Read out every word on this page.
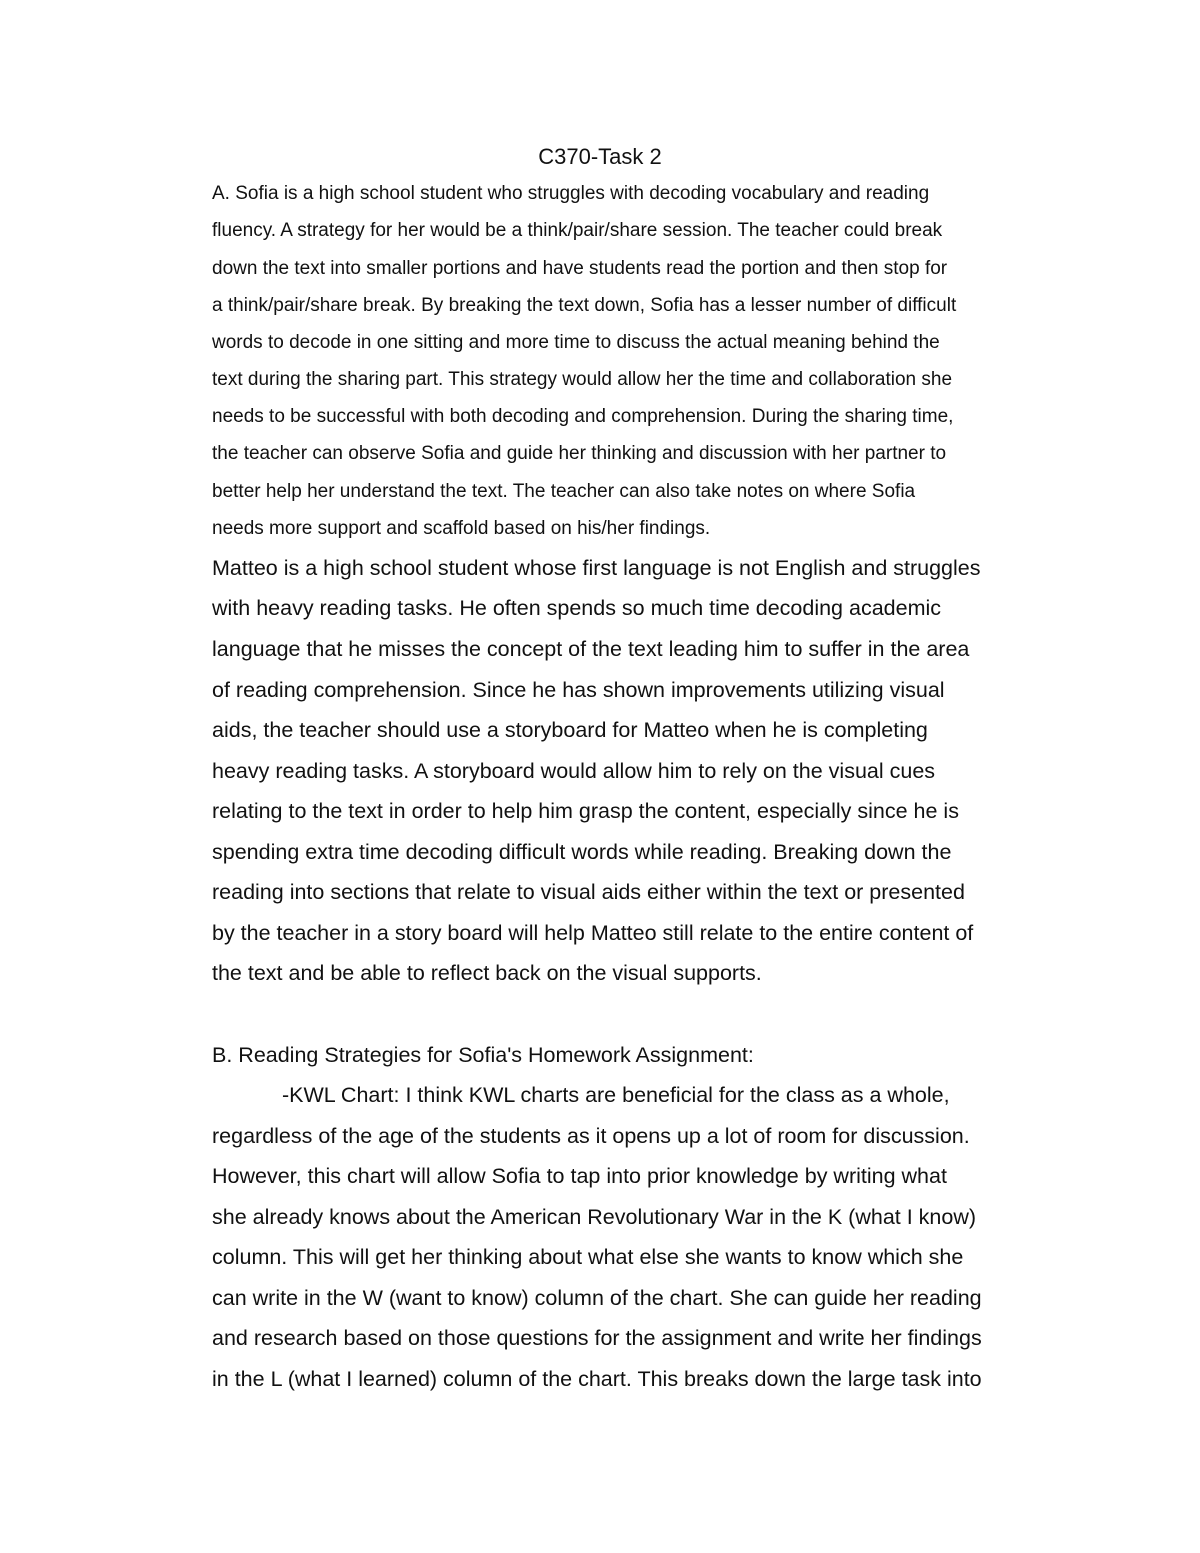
C370-Task 2
A. Sofia is a high school student who struggles with decoding vocabulary and reading
fluency. A strategy for her would be a think/pair/share session. The teacher could break
down the text into smaller portions and have students read the portion and then stop for
a think/pair/share break. By breaking the text down, Sofia has a lesser number of difficult
words to decode in one sitting and more time to discuss the actual meaning behind the
text during the sharing part. This strategy would allow her the time and collaboration she
needs to be successful with both decoding and comprehension. During the sharing time,
the teacher can observe Sofia and guide her thinking and discussion with her partner to
better help her understand the text. The teacher can also take notes on where Sofia
needs more support and scaffold based on his/her findings.
Matteo is a high school student whose first language is not English and struggles
with heavy reading tasks. He often spends so much time decoding academic
language that he misses the concept of the text leading him to suffer in the area
of reading comprehension. Since he has shown improvements utilizing visual
aids, the teacher should use a storyboard for Matteo when he is completing
heavy reading tasks. A storyboard would allow him to rely on the visual cues
relating to the text in order to help him grasp the content, especially since he is
spending extra time decoding difficult words while reading. Breaking down the
reading into sections that relate to visual aids either within the text or presented
by the teacher in a story board will help Matteo still relate to the entire content of
the text and be able to reflect back on the visual supports.
B. Reading Strategies for Sofia's Homework Assignment:
-KWL Chart: I think KWL charts are beneficial for the class as a whole,
regardless of the age of the students as it opens up a lot of room for discussion.
However, this chart will allow Sofia to tap into prior knowledge by writing what
she already knows about the American Revolutionary War in the K (what I know)
column. This will get her thinking about what else she wants to know which she
can write in the W (want to know) column of the chart. She can guide her reading
and research based on those questions for the assignment and write her findings
in the L (what I learned) column of the chart. This breaks down the large task into
